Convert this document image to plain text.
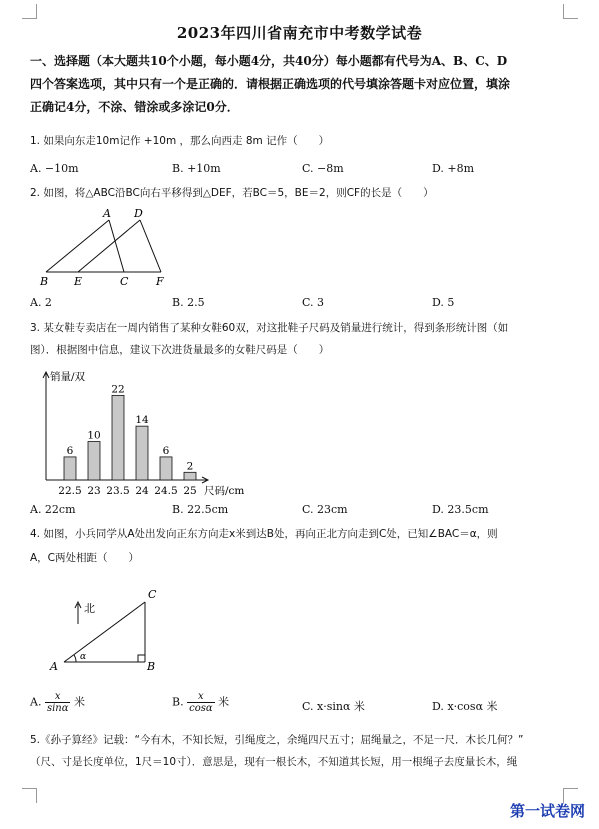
2023年四川省南充市中考数学试卷
一、选择题（本大题共10个小题，每小题4分，共40分）每小题都有代号为A、B、C、D
四个答案选项，其中只有一个是正确的．请根据正确选项的代号填涂答题卡对应位置，填涂
正确记4分，不涂、错涂或多涂记0分．
1. 如果向东走10m记作 +10m ，那么向西走 8m 记作（　　）
A. −10m	B. +10m	C. −8m	D. +8m
2. 如图，将△ABC沿BC向右平移得到△DEF，若BC＝5，BE＝2，则CF的长是（　　）
A D
B E	C	F
A. 2	B. 2.5	C. 3	D. 5
3. 某女鞋专卖店在一周内销售了某种女鞋60双，对这批鞋子尺码及销量进行统计，得到条形统计图（如
图）．根据图中信息，建议下次进货量最多的女鞋尺码是（　　）
销量/双
尺码/cm
6
22.5
10
23
22
23.5
14
24
6
24.5
2
25
A. 22cm	B. 22.5cm	C. 23cm	D. 23.5cm
4. 如图，小兵同学从A处出发向正东方向走x米到达B处，再向正北方向走到C处，已知∠BAC＝α，则
A，C两处相距（　　）
北
A	B
C
α
A. $\frac{x}{\sin\alpha}$ 米	B. $\frac{x}{\cos\alpha}$ 米	C. x·sinα 米	D. x·cosα 米
5.《孙子算经》记载：“今有木，不知长短，引绳度之，余绳四尺五寸；屈绳量之，不足一尺．木长几何？”
（尺、寸是长度单位，1尺＝10寸）．意思是，现有一根长木，不知道其长短，用一根绳子去度量长木，绳
第一试卷网
